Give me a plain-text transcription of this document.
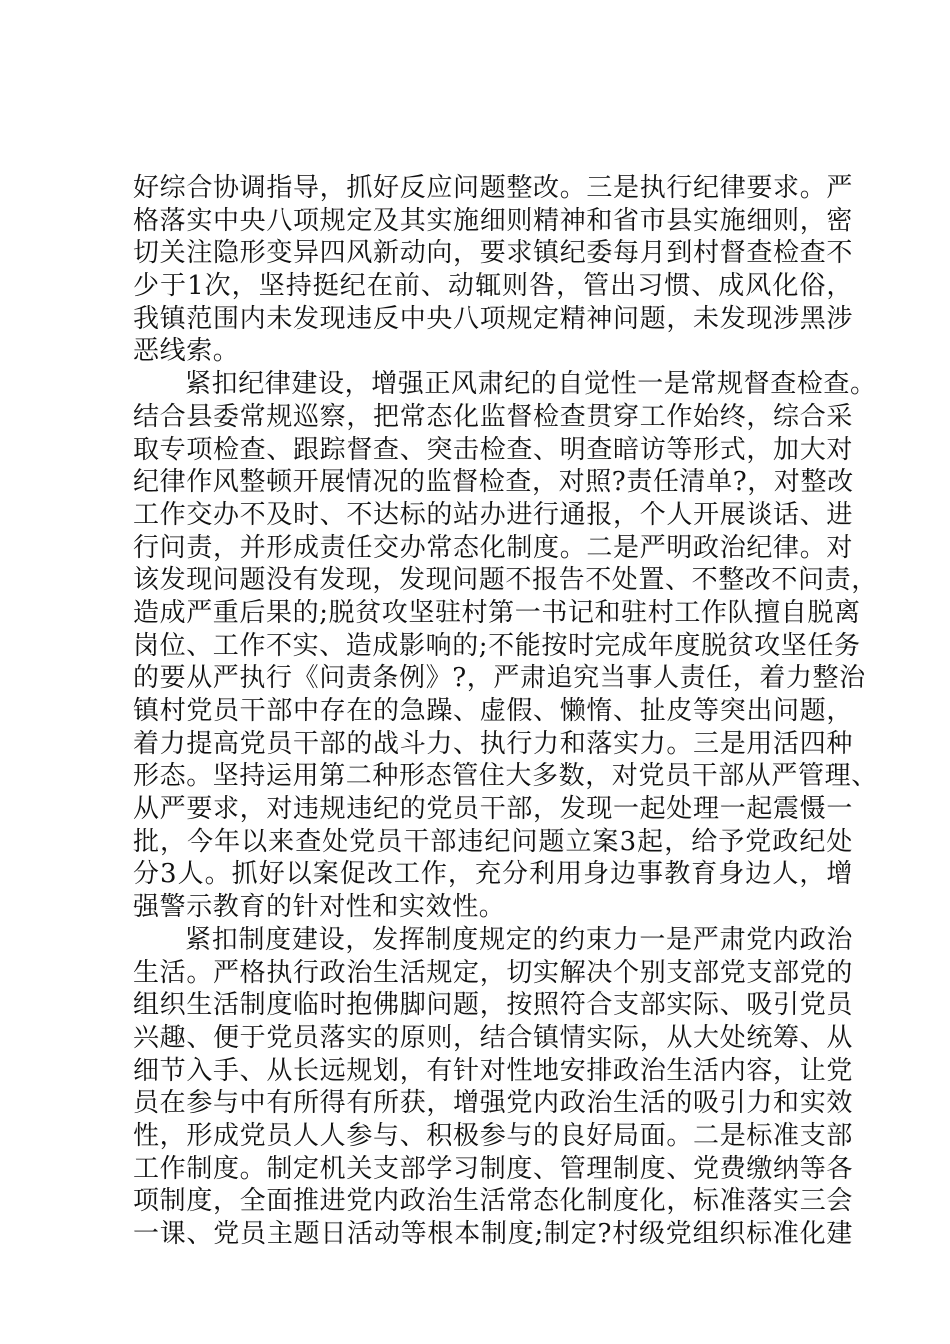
好综合协调指导，抓好反应问题整改。三是执行纪律要求。严
格落实中央八项规定及其实施细则精神和省市县实施细则，密
切关注隐形变异四风新动向，要求镇纪委每月到村督查检查不
少于1次，坚持挺纪在前、动辄则咎，管出习惯、成风化俗，
我镇范围内未发现违反中央八项规定精神问题，未发现涉黑涉
恶线索。
紧扣纪律建设，增强正风肃纪的自觉性一是常规督查检查。
结合县委常规巡察，把常态化监督检查贯穿工作始终，综合采
取专项检查、跟踪督查、突击检查、明查暗访等形式，加大对
纪律作风整顿开展情况的监督检查，对照?责任清单?，对整改
工作交办不及时、不达标的站办进行通报，个人开展谈话、进
行问责，并形成责任交办常态化制度。二是严明政治纪律。对
该发现问题没有发现，发现问题不报告不处置、不整改不问责，
造成严重后果的;脱贫攻坚驻村第一书记和驻村工作队擅自脱离
岗位、工作不实、造成影响的;不能按时完成年度脱贫攻坚任务
的要从严执行《问责条例》?，严肃追究当事人责任，着力整治
镇村党员干部中存在的急躁、虚假、懒惰、扯皮等突出问题，
着力提高党员干部的战斗力、执行力和落实力。三是用活四种
形态。坚持运用第二种形态管住大多数，对党员干部从严管理、
从严要求，对违规违纪的党员干部，发现一起处理一起震慑一
批，今年以来查处党员干部违纪问题立案3起，给予党政纪处
分3人。抓好以案促改工作，充分利用身边事教育身边人，增
强警示教育的针对性和实效性。
紧扣制度建设，发挥制度规定的约束力一是严肃党内政治
生活。严格执行政治生活规定，切实解决个别支部党支部党的
组织生活制度临时抱佛脚问题，按照符合支部实际、吸引党员
兴趣、便于党员落实的原则，结合镇情实际，从大处统筹、从
细节入手、从长远规划，有针对性地安排政治生活内容，让党
员在参与中有所得有所获，增强党内政治生活的吸引力和实效
性，形成党员人人参与、积极参与的良好局面。二是标准支部
工作制度。制定机关支部学习制度、管理制度、党费缴纳等各
项制度，全面推进党内政治生活常态化制度化，标准落实三会
一课、党员主题日活动等根本制度;制定?村级党组织标准化建
